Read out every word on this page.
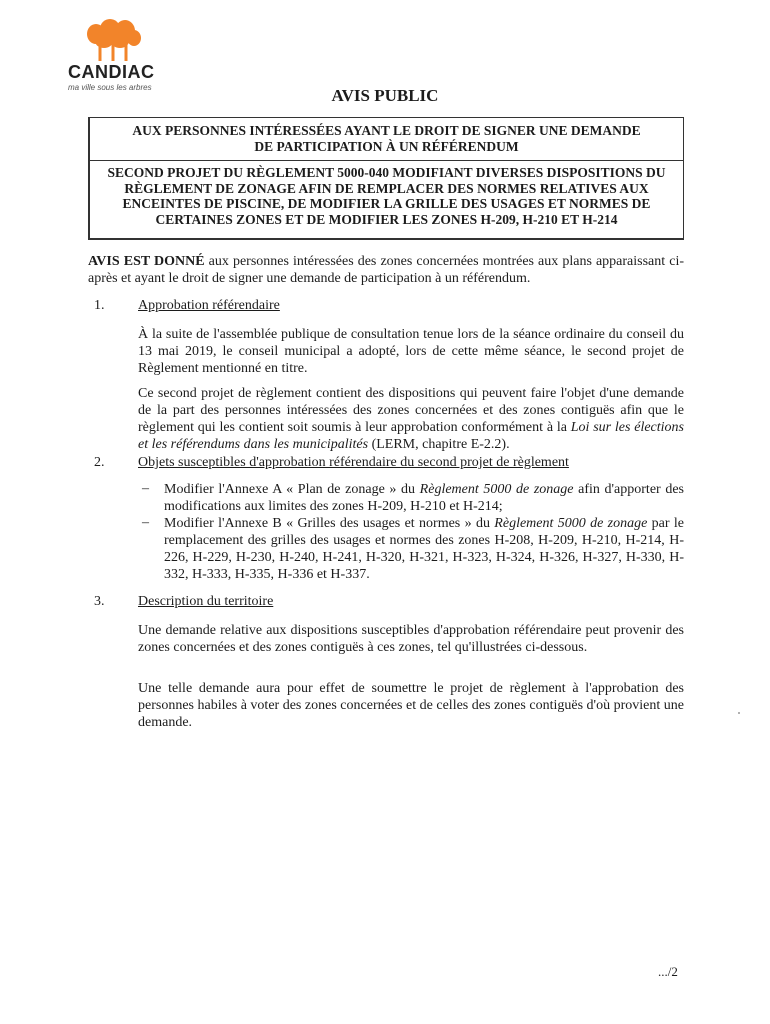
CANDIAC
ma ville sous les arbres	AVIS PUBLIC
AUX PERSONNES INTÉRESSÉES AYANT LE DROIT DE SIGNER UNE DEMANDE DE PARTICIPATION À UN RÉFÉRENDUM
SECOND PROJET DU RÈGLEMENT 5000-040 MODIFIANT DIVERSES DISPOSITIONS DU RÈGLEMENT DE ZONAGE AFIN DE REMPLACER DES NORMES RELATIVES AUX ENCEINTES DE PISCINE, DE MODIFIER LA GRILLE DES USAGES ET NORMES DE CERTAINES ZONES ET DE MODIFIER LES ZONES H-209, H-210 ET H-214
AVIS EST DONNÉ aux personnes intéressées des zones concernées montrées aux plans apparaissant ci-après et ayant le droit de signer une demande de participation à un référendum.
1. Approbation référendaire
À la suite de l'assemblée publique de consultation tenue lors de la séance ordinaire du conseil du 13 mai 2019, le conseil municipal a adopté, lors de cette même séance, le second projet de Règlement mentionné en titre.
Ce second projet de règlement contient des dispositions qui peuvent faire l'objet d'une demande de la part des personnes intéressées des zones concernées et des zones contiguës afin que le règlement qui les contient soit soumis à leur approbation conformément à la Loi sur les élections et les référendums dans les municipalités (LERM, chapitre E-2.2).
2. Objets susceptibles d'approbation référendaire du second projet de règlement
– Modifier l'Annexe A « Plan de zonage » du Règlement 5000 de zonage afin d'apporter des modifications aux limites des zones H-209, H-210 et H-214;
– Modifier l'Annexe B « Grilles des usages et normes » du Règlement 5000 de zonage par le remplacement des grilles des usages et normes des zones H-208, H-209, H-210, H-214, H-226, H-229, H-230, H-240, H-241, H-320, H-321, H-323, H-324, H-326, H-327, H-330, H-332, H-333, H-335, H-336 et H-337.
3. Description du territoire
Une demande relative aux dispositions susceptibles d'approbation référendaire peut provenir des zones concernées et des zones contiguës à ces zones, tel qu'illustrées ci-dessous.
Une telle demande aura pour effet de soumettre le projet de règlement à l'approbation des personnes habiles à voter des zones concernées et de celles des zones contiguës d'où provient une demande.
.../2
